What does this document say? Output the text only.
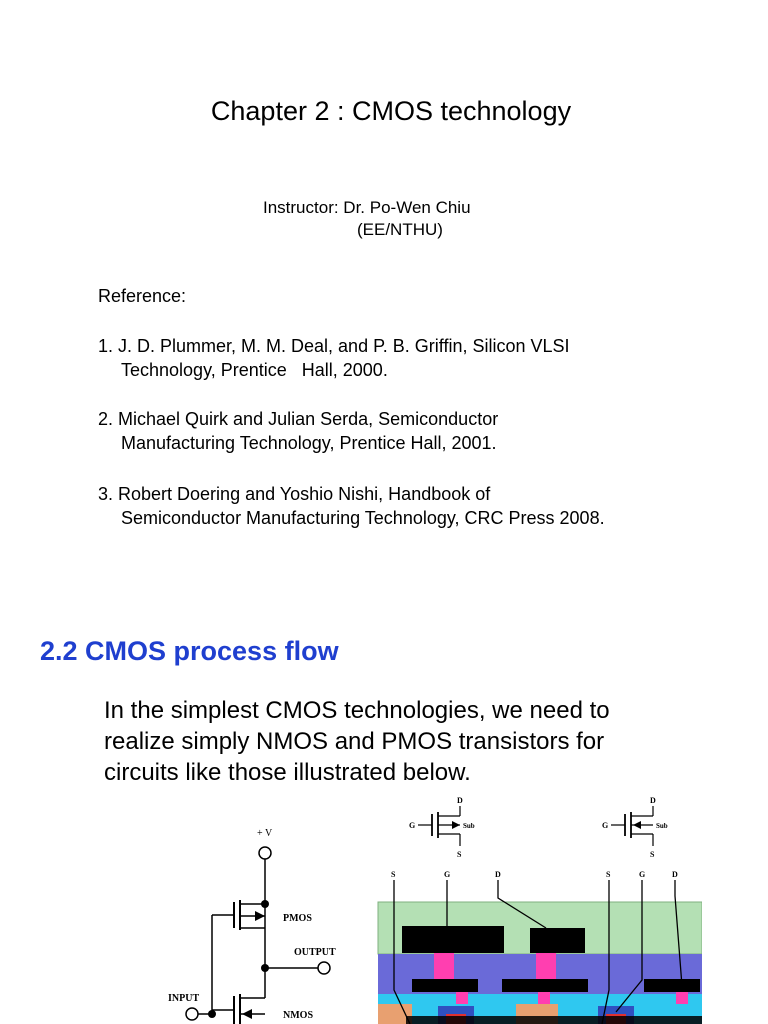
Chapter 2 : CMOS technology
Instructor: Dr. Po-Wen Chiu
(EE/NTHU)
Reference:
1. J. D. Plummer, M. M. Deal, and P. B. Griffin, Silicon VLSI
Technology, Prentice   Hall, 2000.
2. Michael Quirk and Julian Serda, Semiconductor
Manufacturing Technology, Prentice Hall, 2001.
3. Robert Doering and Yoshio Nishi, Handbook of
Semiconductor Manufacturing Technology, CRC Press 2008.
2.2 CMOS process flow
In the simplest CMOS technologies, we need to
realize simply NMOS and PMOS transistors for
circuits like those illustrated below.
+ V
PMOS
OUTPUT
NMOS
INPUT
D
G	Sub
S
D
G	Sub
S
S	G	D	S	G	D
